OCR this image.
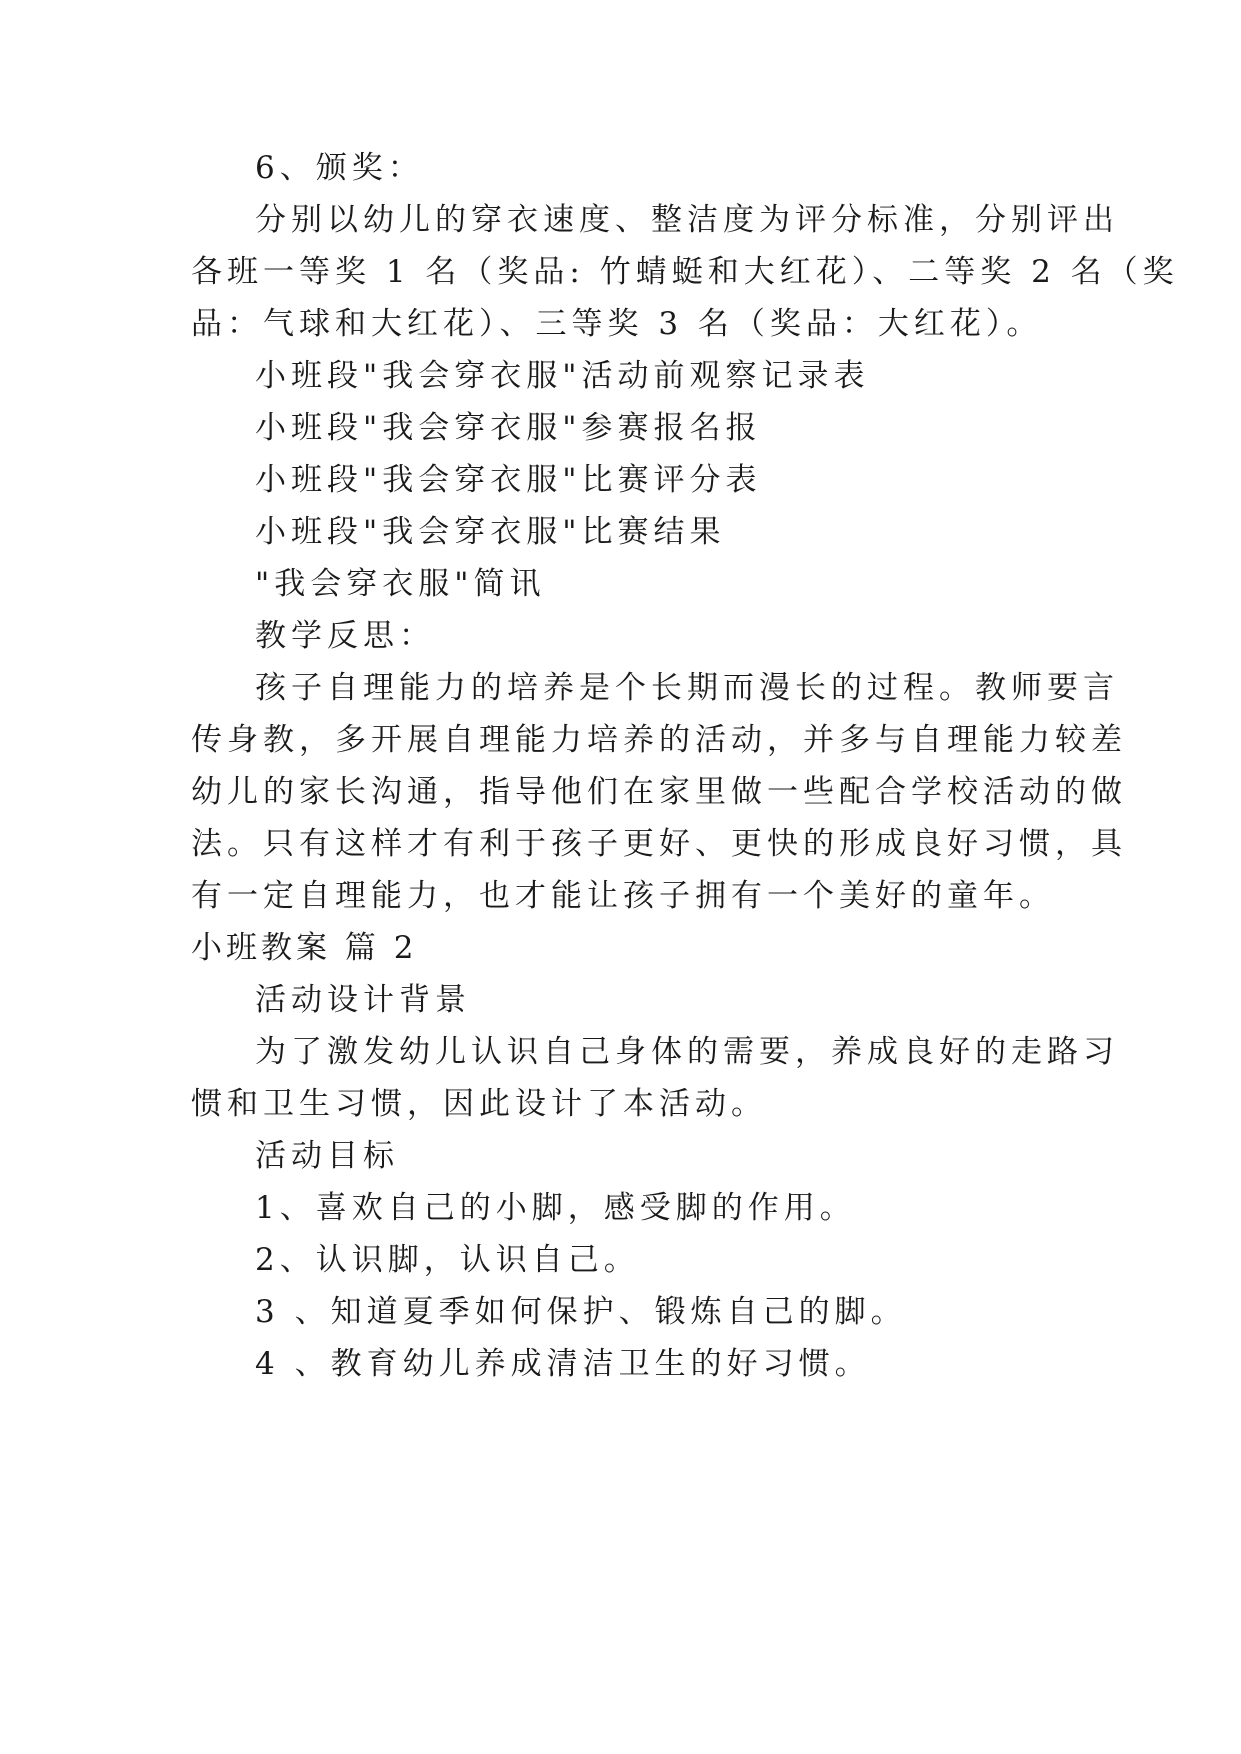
6、颁奖：
分别以幼儿的穿衣速度、整洁度为评分标准，分别评出
各班一等奖 1 名（奖品: 竹蜻蜓和大红花）、二等奖 2 名（奖
品：气球和大红花）、三等奖 3 名（奖品：大红花）。
小班段"我会穿衣服"活动前观察记录表
小班段"我会穿衣服"参赛报名报
小班段"我会穿衣服"比赛评分表
小班段"我会穿衣服"比赛结果
"我会穿衣服"简讯
教学反思：
孩子自理能力的培养是个长期而漫长的过程。教师要言
传身教，多开展自理能力培养的活动，并多与自理能力较差
幼儿的家长沟通，指导他们在家里做一些配合学校活动的做
法。只有这样才有利于孩子更好、更快的形成良好习惯，具
有一定自理能力，也才能让孩子拥有一个美好的童年。
小班教案 篇 2
活动设计背景
为了激发幼儿认识自己身体的需要，养成良好的走路习
惯和卫生习惯，因此设计了本活动。
活动目标
1、喜欢自己的小脚，感受脚的作用。
2、认识脚，认识自己。
3 、知道夏季如何保护、锻炼自己的脚。
4 、教育幼儿养成清洁卫生的好习惯。
